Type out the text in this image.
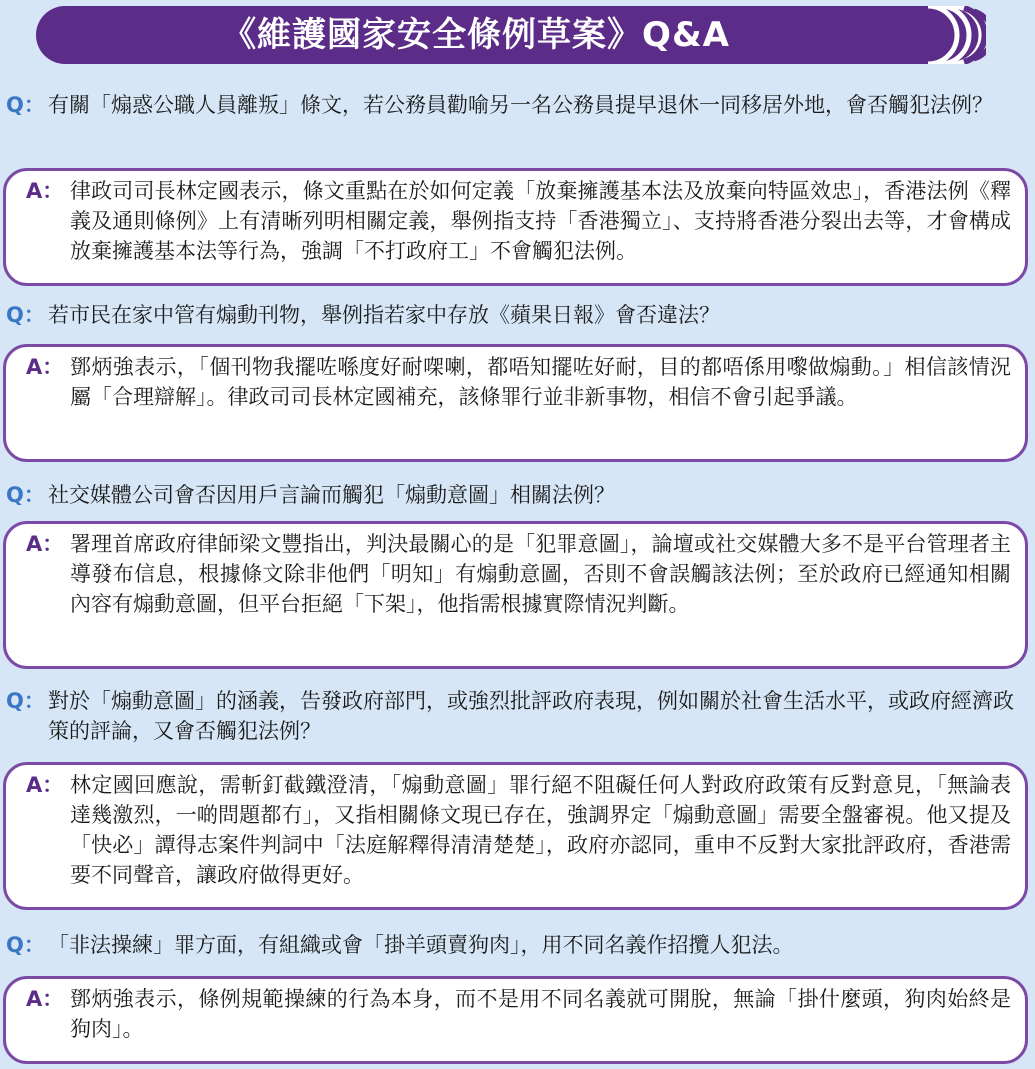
《維護國家安全條例草案》Q&A
Q： 有關「煽惑公職人員離叛」條文，若公務員勸喻另一名公務員提早退休一同移居外地，會否觸犯法例？
A： 律政司司長林定國表示，條文重點在於如何定義「放棄擁護基本法及放棄向特區效忠」，香港法例《釋義及通則條例》上有清晰列明相關定義，舉例指支持「香港獨立」、支持將香港分裂出去等，才會構成放棄擁護基本法等行為，強調「不打政府工」不會觸犯法例。
Q： 若市民在家中管有煽動刊物，舉例指若家中存放《蘋果日報》會否違法？
A： 鄧炳強表示，「個刊物我擺咗喺度好耐㗎喇，都唔知擺咗好耐，目的都唔係用嚟做煽動。」相信該情況屬「合理辯解」。律政司司長林定國補充，該條罪行並非新事物，相信不會引起爭議。
Q： 社交媒體公司會否因用戶言論而觸犯「煽動意圖」相關法例？
A： 署理首席政府律師梁文豐指出，判決最關心的是「犯罪意圖」，論壇或社交媒體大多不是平台管理者主導發布信息，根據條文除非他們「明知」有煽動意圖，否則不會誤觸該法例；至於政府已經通知相關內容有煽動意圖，但平台拒絕「下架」，他指需根據實際情況判斷。
Q： 對於「煽動意圖」的涵義，告發政府部門，或強烈批評政府表現，例如關於社會生活水平，或政府經濟政策的評論，又會否觸犯法例？
A： 林定國回應說，需斬釘截鐵澄清，「煽動意圖」罪行絕不阻礙任何人對政府政策有反對意見，「無論表達幾激烈，一啲問題都冇」，又指相關條文現已存在，強調界定「煽動意圖」需要全盤審視。他又提及「快必」譚得志案件判詞中「法庭解釋得清清楚楚」，政府亦認同，重申不反對大家批評政府，香港需要不同聲音，讓政府做得更好。
Q： 「非法操練」罪方面，有組織或會「掛羊頭賣狗肉」，用不同名義作招攬人犯法。
A： 鄧炳強表示，條例規範操練的行為本身，而不是用不同名義就可開脫，無論「掛什麼頭，狗肉始終是狗肉」。
